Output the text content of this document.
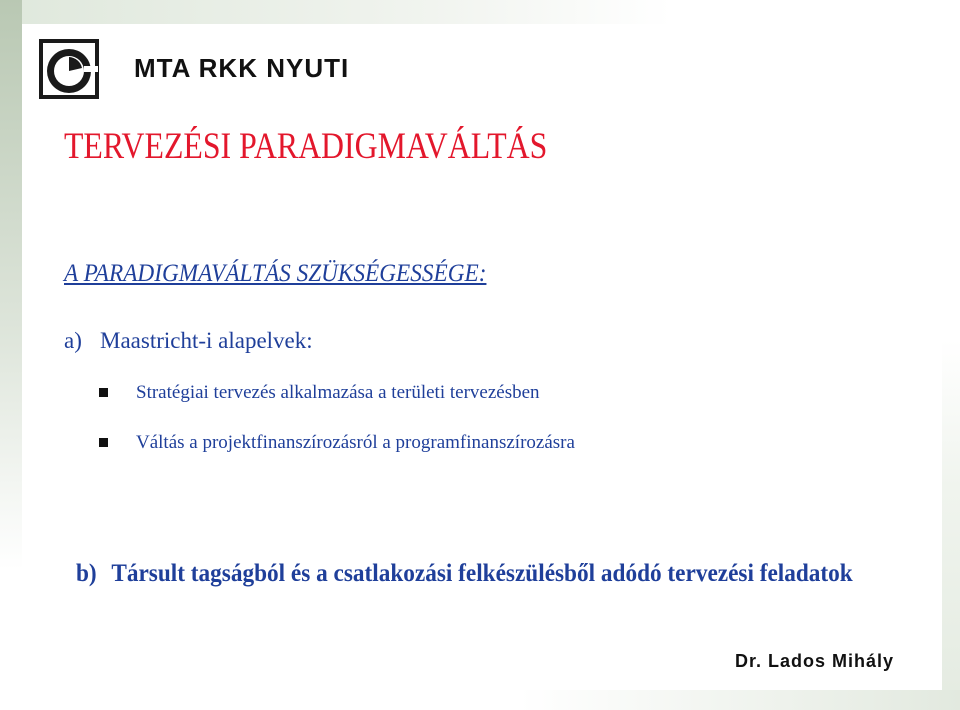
MTA RKK NYUTI
TERVEZÉSI PARADIGMAVÁLTÁS
A PARADIGMAVÁLTÁS SZÜKSÉGESSÉGE:
a) Maastricht-i alapelvek:
Stratégiai tervezés alkalmazása a területi tervezésben
Váltás a projektfinanszírozásról a programfinanszírozásra
b) Társult tagságból és a csatlakozási felkészülésből adódó tervezési feladatok
Dr. Lados Mihály
